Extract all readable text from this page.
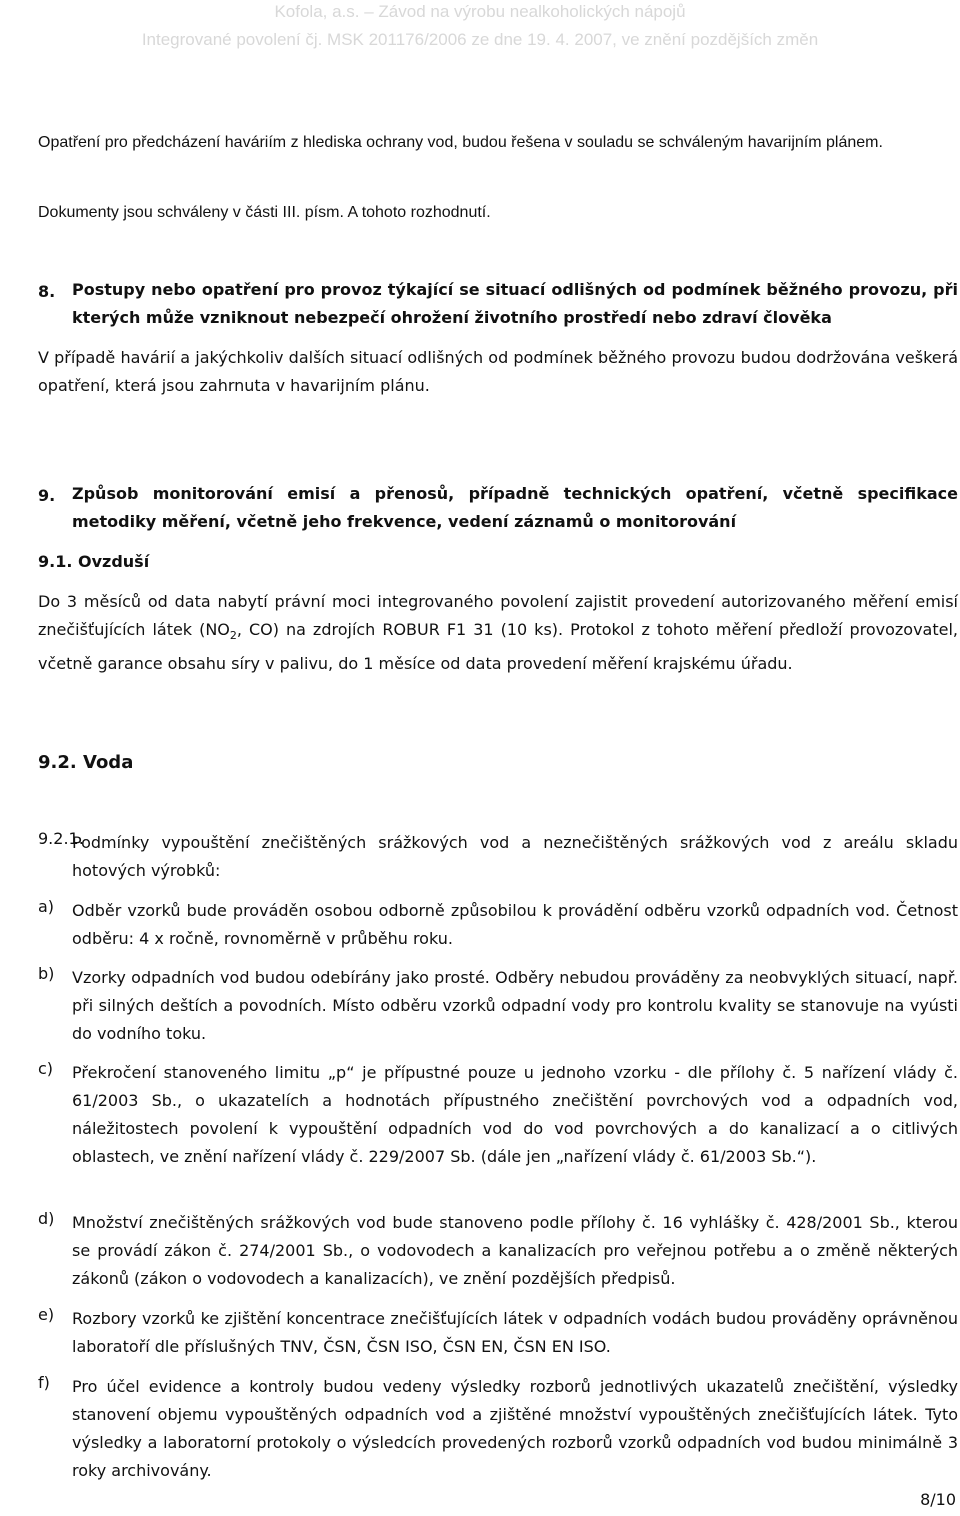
Kofola, a.s. – Závod na výrobu nealkoholických nápojů
Integrované povolení čj. MSK 201176/2006 ze dne 19. 4. 2007, ve znění pozdějších změn

Opatření pro předcházení haváriím z hlediska ochrany vod, budou řešena v souladu se schváleným havarijním plánem.

Dokumenty jsou schváleny v části III. písm. A tohoto rozhodnutí.

8. Postupy nebo opatření pro provoz týkající se situací odlišných od podmínek běžného provozu, při kterých může vzniknout nebezpečí ohrožení životního prostředí nebo zdraví člověka

V případě havárií a jakýchkoliv dalších situací odlišných od podmínek běžného provozu budou dodržována veškerá opatření, která jsou zahrnuta v havarijním plánu.

9. Způsob monitorování emisí a přenosů, případně technických opatření, včetně specifikace metodiky měření, včetně jeho frekvence, vedení záznamů o monitorování

9.1. Ovzduší

Do 3 měsíců od data nabytí právní moci integrovaného povolení zajistit provedení autorizovaného měření emisí znečišťujících látek ($NO_2$, CO) na zdrojích ROBUR F1 31 (10 ks). Protokol z tohoto měření předloží provozovatel, včetně garance obsahu síry v palivu, do 1 měsíce od data provedení měření krajskému úřadu.

9.2. Voda

9.2.1.

Podmínky vypouštění znečištěných srážkových vod a neznečištěných srážkových vod z areálu skladu hotových výrobků:

a) Odběr vzorků bude prováděn osobou odborně způsobilou k provádění odběru vzorků odpadních vod. Četnost odběru: 4 x ročně, rovnoměrně v průběhu roku.

b) Vzorky odpadních vod budou odebírány jako prosté. Odběry nebudou prováděny za neobvyklých situací, např. při silných deštích a povodních. Místo odběru vzorků odpadní vody pro kontrolu kvality se stanovuje na vyústi do vodního toku.

c) Překročení stanoveného limitu „p“ je přípustné pouze u jednoho vzorku - dle přílohy č. 5 nařízení vlády č. 61/2003 Sb., o ukazatelích a hodnotách přípustného znečištění povrchových vod a odpadních vod, náležitostech povolení k vypouštění odpadních vod do vod povrchových a do kanalizací a o citlivých oblastech, ve znění nařízení vlády č. 229/2007 Sb. (dále jen „nařízení vlády č. 61/2003 Sb.“).

d) Množství znečištěných srážkových vod bude stanoveno podle přílohy č. 16 vyhlášky č. 428/2001 Sb., kterou se provádí zákon č. 274/2001 Sb., o vodovodech a kanalizacích pro veřejnou potřebu a o změně některých zákonů (zákon o vodovodech a kanalizacích), ve znění pozdějších předpisů.

e) Rozbory vzorků ke zjištění koncentrace znečišťujících látek v odpadních vodách budou prováděny oprávněnou laboratoří dle příslušných TNV, ČSN, ČSN ISO, ČSN EN, ČSN EN ISO.

f) Pro účel evidence a kontroly budou vedeny výsledky rozborů jednotlivých ukazatelů znečištění, výsledky stanovení objemu vypouštěných odpadních vod a zjištěné množství vypouštěných znečišťujících látek. Tyto výsledky a laboratorní protokoly o výsledcích provedených rozborů vzorků odpadních vod budou minimálně 3 roky archivovány.

8/10
